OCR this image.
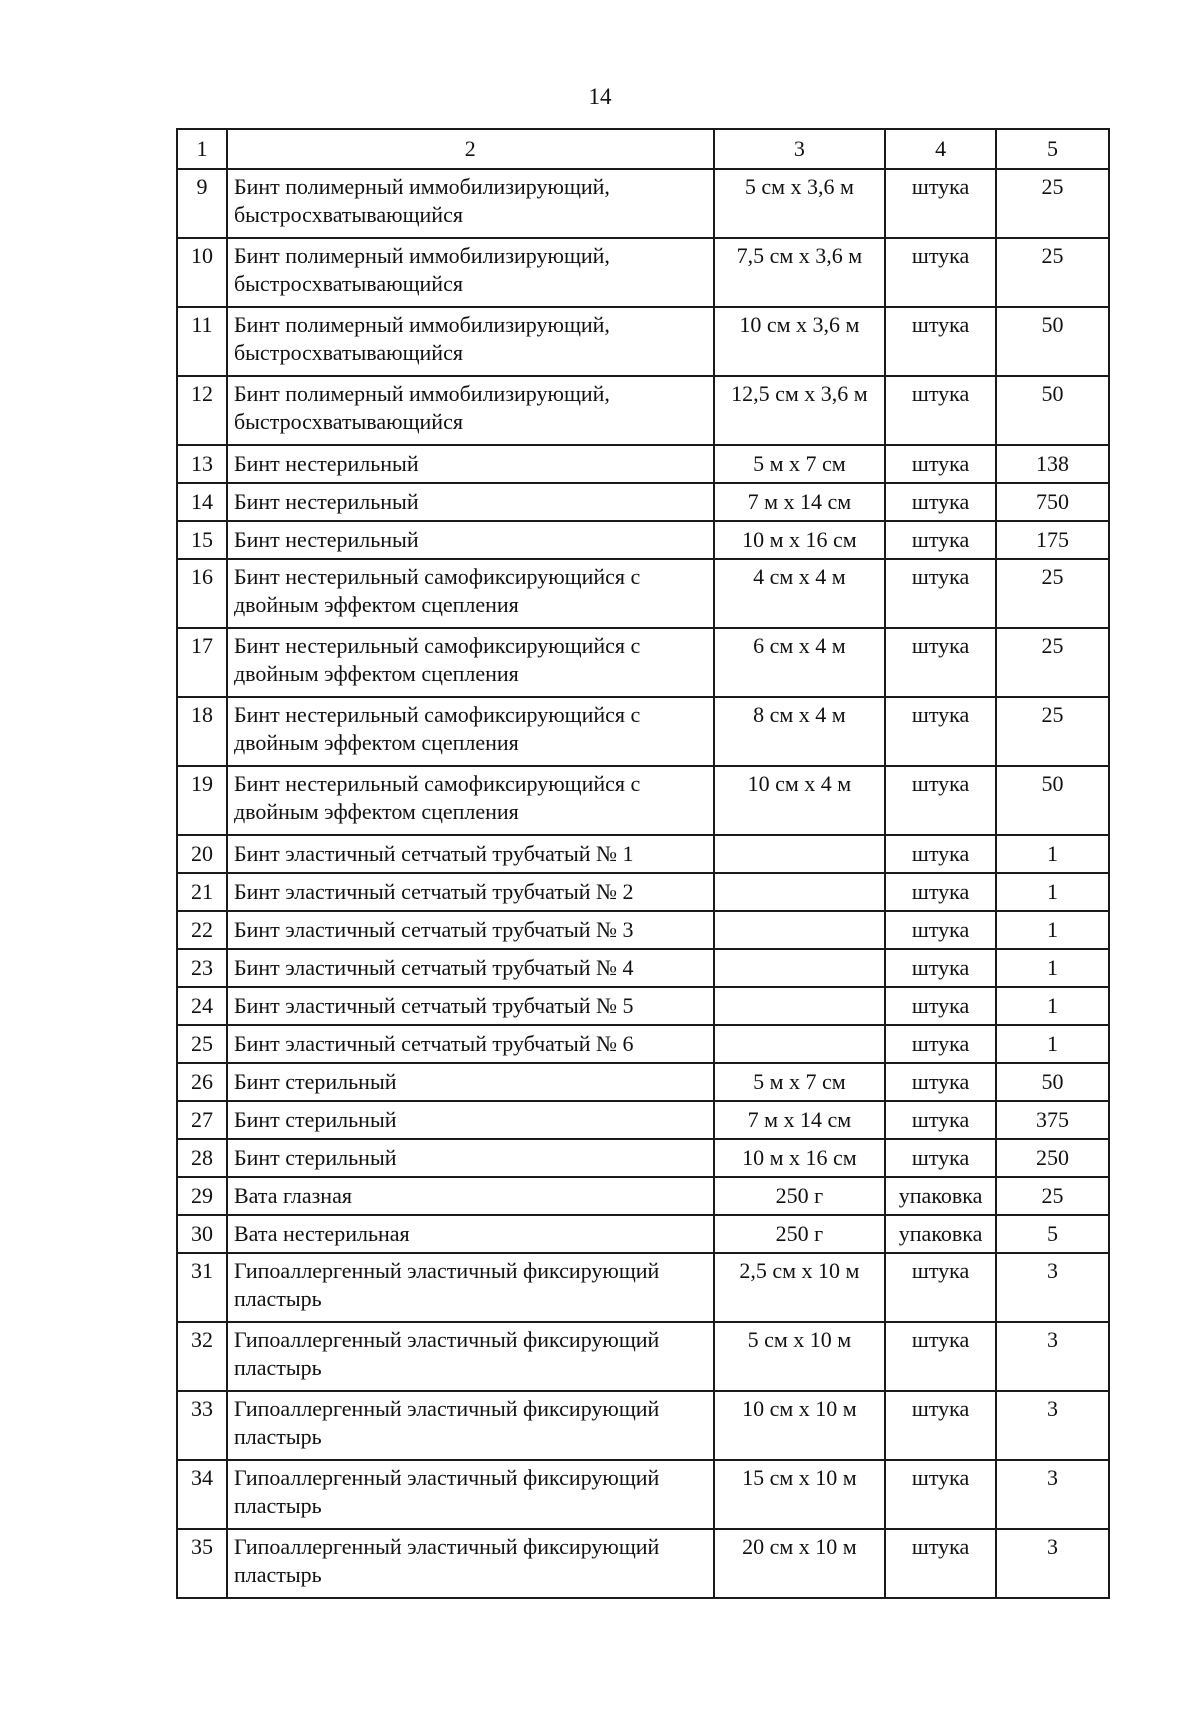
14
1	2	3	4	5
9	Бинт полимерный иммобилизирующий, быстросхватывающийся	5 см x 3,6 м	штука	25
10	Бинт полимерный иммобилизирующий, быстросхватывающийся	7,5 см x 3,6 м	штука	25
11	Бинт полимерный иммобилизирующий, быстросхватывающийся	10 см x 3,6 м	штука	50
12	Бинт полимерный иммобилизирующий, быстросхватывающийся	12,5 см x 3,6 м	штука	50
13	Бинт нестерильный	5 м x 7 см	штука	138
14	Бинт нестерильный	7 м x 14 см	штука	750
15	Бинт нестерильный	10 м x 16 см	штука	175
16	Бинт нестерильный самофиксирующийся с двойным эффектом сцепления	4 см x 4 м	штука	25
17	Бинт нестерильный самофиксирующийся с двойным эффектом сцепления	6 см x 4 м	штука	25
18	Бинт нестерильный самофиксирующийся с двойным эффектом сцепления	8 см x 4 м	штука	25
19	Бинт нестерильный самофиксирующийся с двойным эффектом сцепления	10 см x 4 м	штука	50
20	Бинт эластичный сетчатый трубчатый № 1		штука	1
21	Бинт эластичный сетчатый трубчатый № 2		штука	1
22	Бинт эластичный сетчатый трубчатый № 3		штука	1
23	Бинт эластичный сетчатый трубчатый № 4		штука	1
24	Бинт эластичный сетчатый трубчатый № 5		штука	1
25	Бинт эластичный сетчатый трубчатый № 6		штука	1
26	Бинт стерильный	5 м x 7 см	штука	50
27	Бинт стерильный	7 м x 14 см	штука	375
28	Бинт стерильный	10 м x 16 см	штука	250
29	Вата глазная	250 г	упаковка	25
30	Вата нестерильная	250 г	упаковка	5
31	Гипоаллергенный эластичный фиксирующий пластырь	2,5 см x 10 м	штука	3
32	Гипоаллергенный эластичный фиксирующий пластырь	5 см x 10 м	штука	3
33	Гипоаллергенный эластичный фиксирующий пластырь	10 см x 10 м	штука	3
34	Гипоаллергенный эластичный фиксирующий пластырь	15 см x 10 м	штука	3
35	Гипоаллергенный эластичный фиксирующий пластырь	20 см x 10 м	штука	3
